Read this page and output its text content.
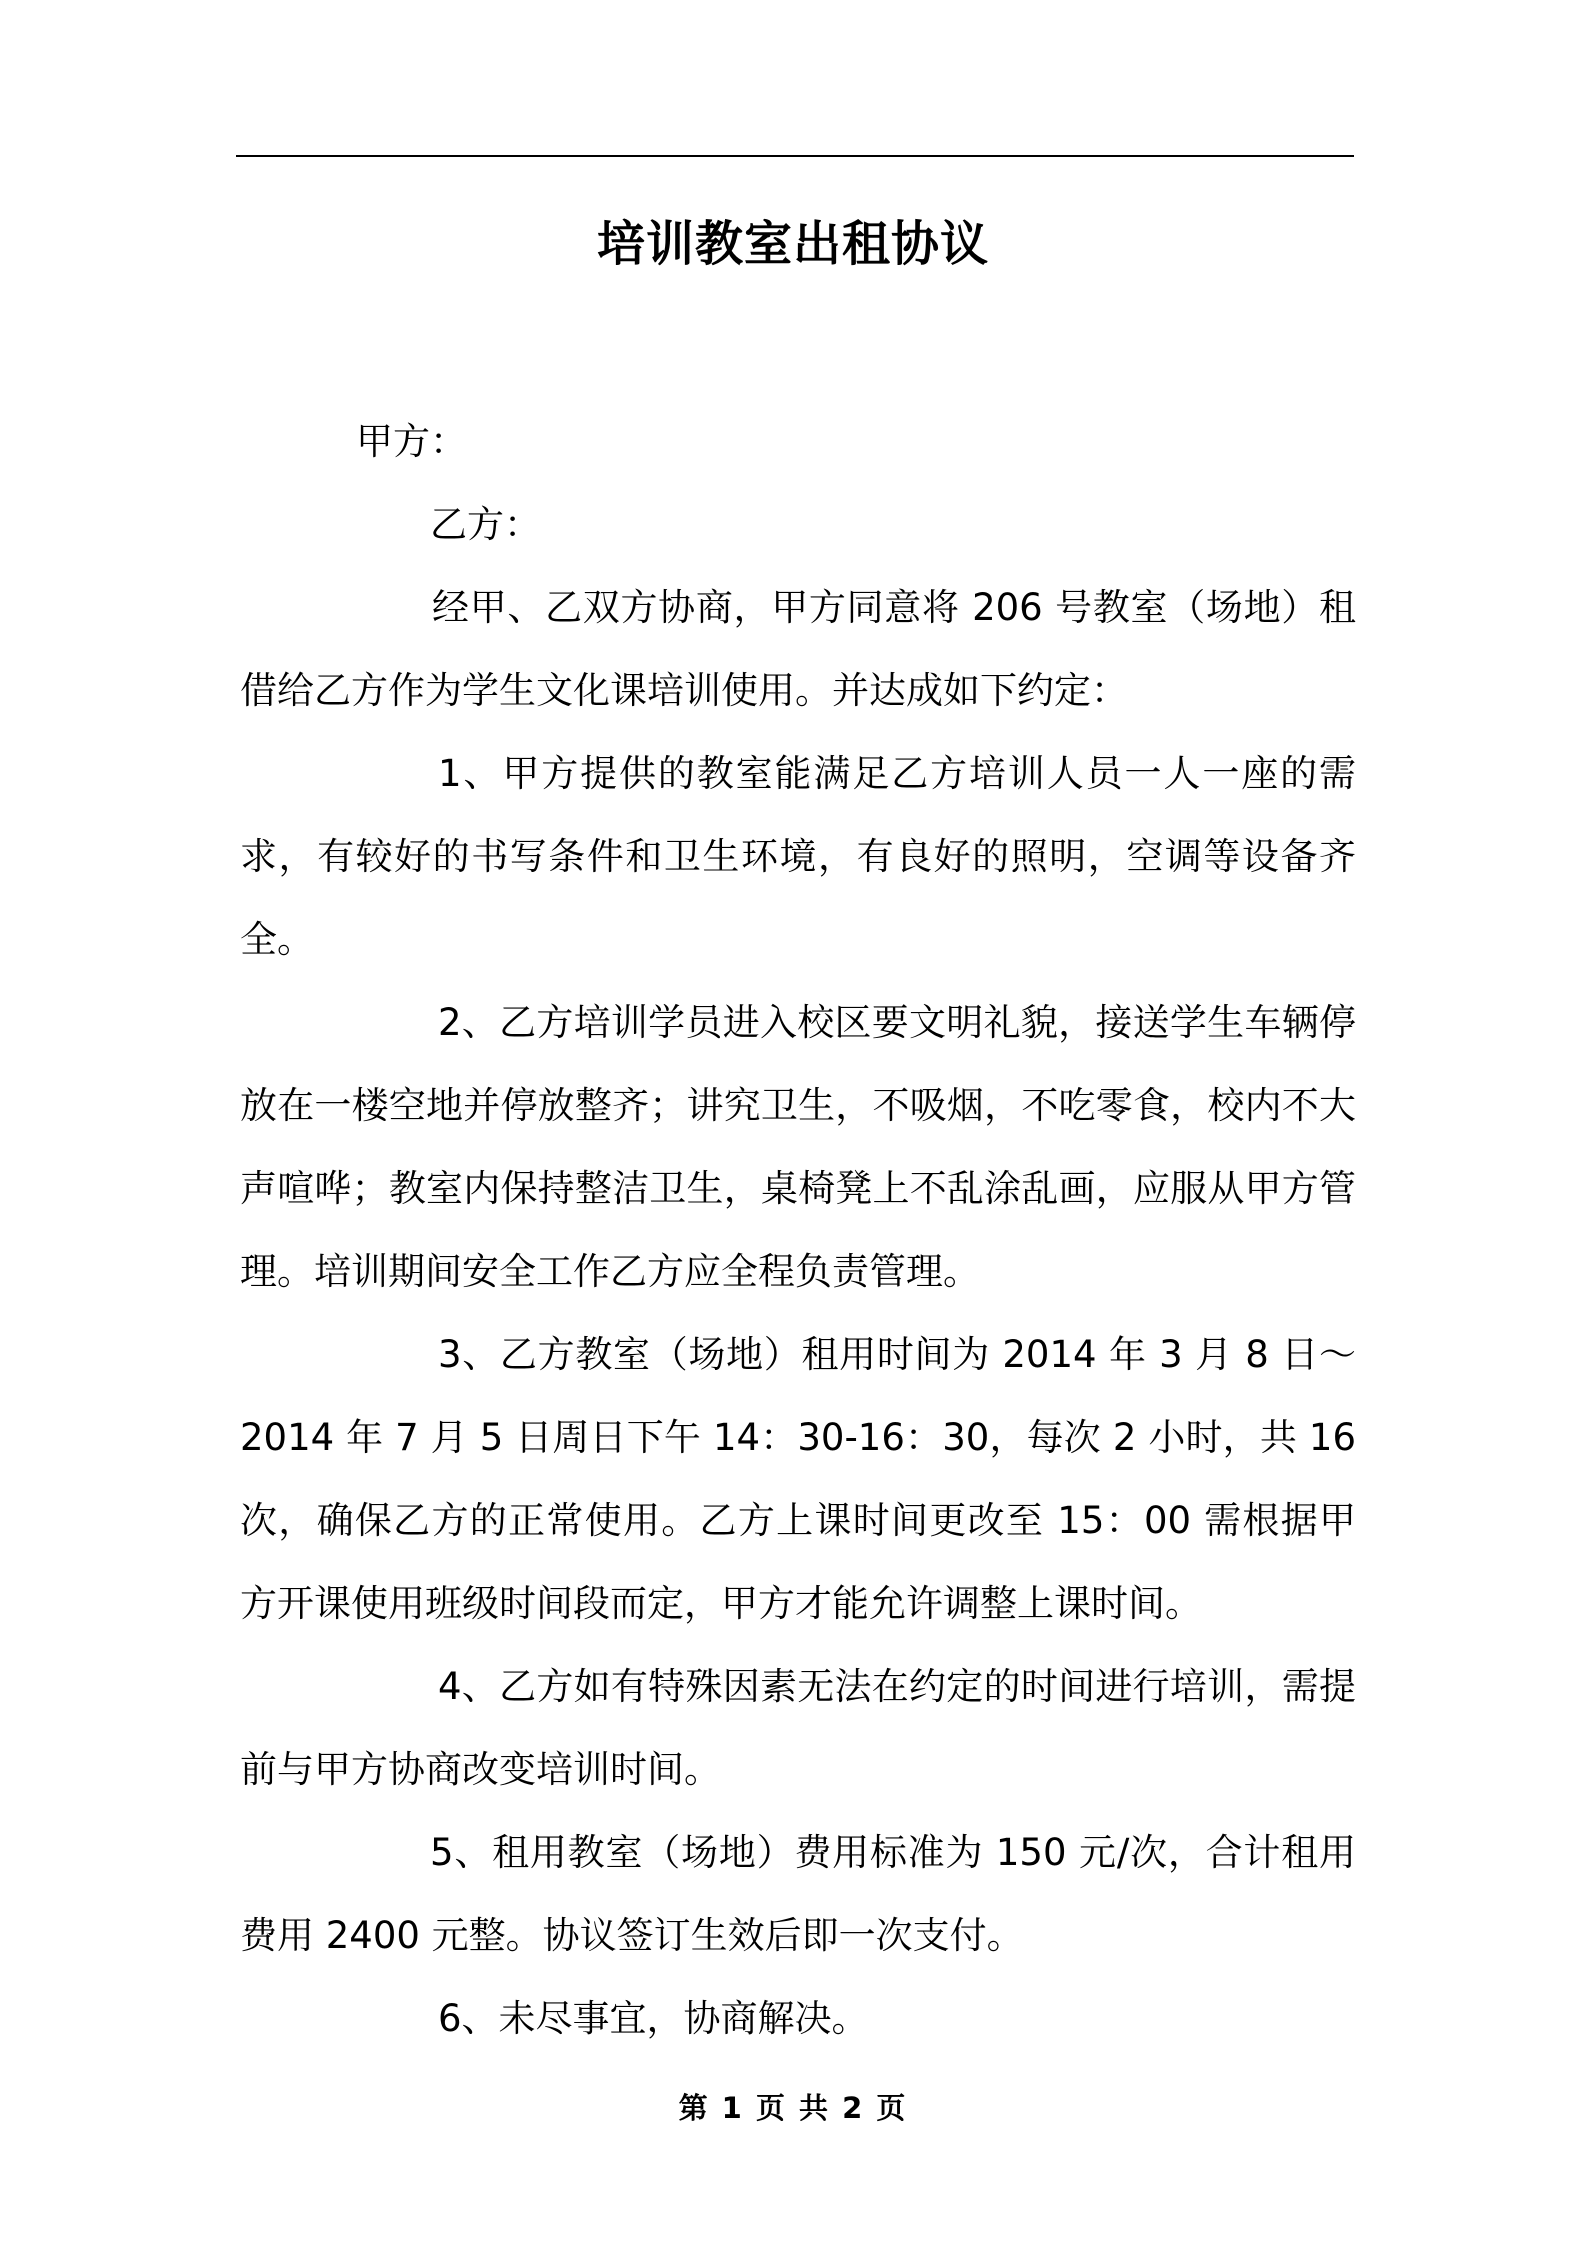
培训教室出租协议

甲方：

乙方：

经甲、乙双方协商，甲方同意将 206 号教室（场地）租借给乙方作为学生文化课培训使用。并达成如下约定：

1、甲方提供的教室能满足乙方培训人员一人一座的需求，有较好的书写条件和卫生环境，有良好的照明，空调等设备齐全。

2、乙方培训学员进入校区要文明礼貌，接送学生车辆停放在一楼空地并停放整齐；讲究卫生，不吸烟，不吃零食，校内不大声喧哗；教室内保持整洁卫生，桌椅凳上不乱涂乱画，应服从甲方管理。培训期间安全工作乙方应全程负责管理。

3、乙方教室（场地）租用时间为 2014 年 3 月 8 日～2014 年 7 月 5 日周日下午 14：30-16：30，每次 2 小时，共 16 次，确保乙方的正常使用。乙方上课时间更改至 15：00 需根据甲方开课使用班级时间段而定，甲方才能允许调整上课时间。

4、乙方如有特殊因素无法在约定的时间进行培训，需提前与甲方协商改变培训时间。

5、租用教室（场地）费用标准为 150 元/次，合计租用费用 2400 元整。协议签订生效后即一次支付。

6、未尽事宜，协商解决。

第 1 页 共 2 页
